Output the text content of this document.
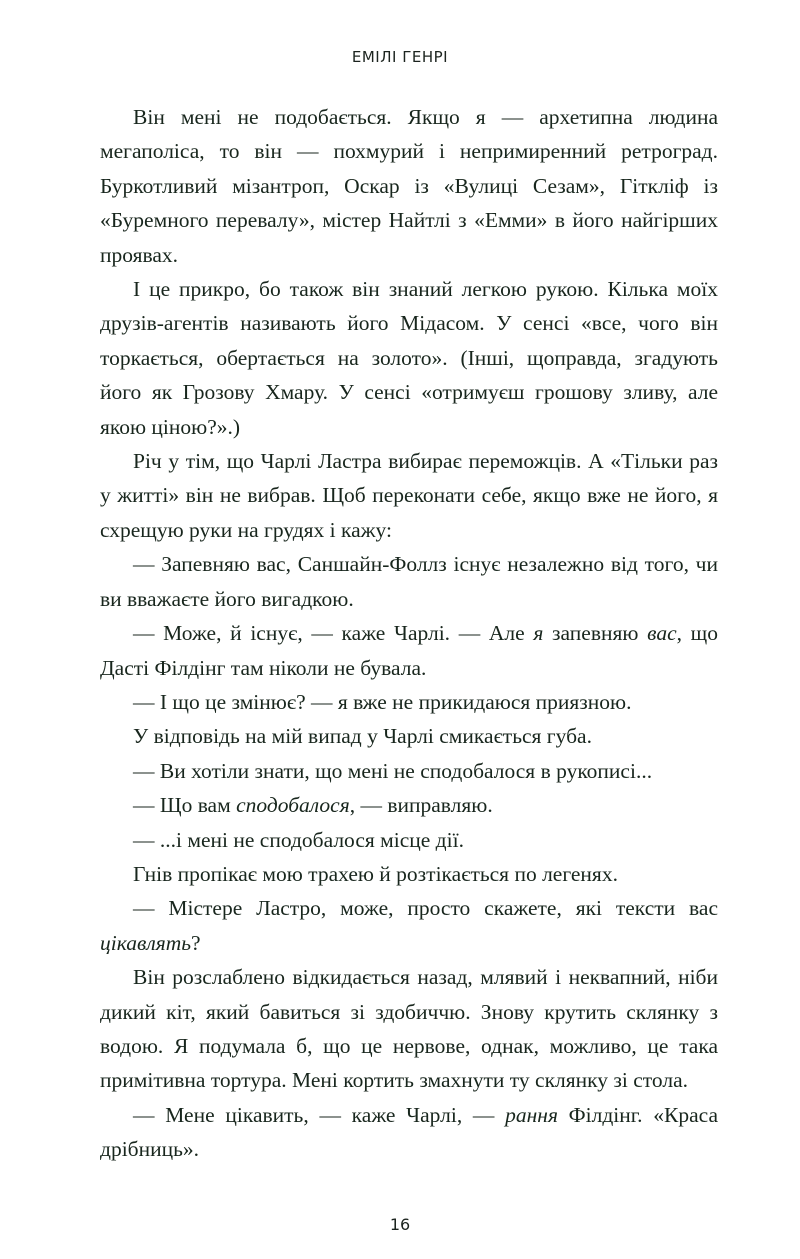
ЕМІЛІ ГЕНРІ

Він мені не подобається. Якщо я — архетипна людина мегаполіса, то він — похмурий і непримиренний ретроград. Буркотливий мізантроп, Оскар із «Вулиці Сезам», Гіткліф із «Буремного перевалу», містер Найтлі з «Емми» в його найгірших проявах.

І це прикро, бо також він знаний легкою рукою. Кілька моїх друзів-агентів називають його Мідасом. У сенсі «все, чого він торкається, обертається на золото». (Інші, щоправда, згадують його як Грозову Хмару. У сенсі «отримуєш грошову зливу, але якою ціною?».)

Річ у тім, що Чарлі Ластра вибирає переможців. А «Тільки раз у житті» він не вибрав. Щоб переконати себе, якщо вже не його, я схрещую руки на грудях і кажу:

— Запевняю вас, Саншайн-Фоллз існує незалежно від того, чи ви вважаєте його вигадкою.

— Може, й існує, — каже Чарлі. — Але я запевняю вас, що Дасті Філдінг там ніколи не бувала.

— І що це змінює? — я вже не прикидаюся приязною.

У відповідь на мій випад у Чарлі смикається губа.

— Ви хотіли знати, що мені не сподобалося в рукописі...

— Що вам сподобалося, — виправляю.

— ...і мені не сподобалося місце дії.

Гнів пропікає мою трахею й розтікається по легенях.

— Містере Ластро, може, просто скажете, які тексти вас цікавлять?

Він розслаблено відкидається назад, млявий і неквапний, ніби дикий кіт, який бавиться зі здобиччю. Знову крутить склянку з водою. Я подумала б, що це нервове, однак, можливо, це така примітивна тортура. Мені кортить змахнути ту склянку зі стола.

— Мене цікавить, — каже Чарлі, — рання Філдінг. «Краса дрібниць».

16
